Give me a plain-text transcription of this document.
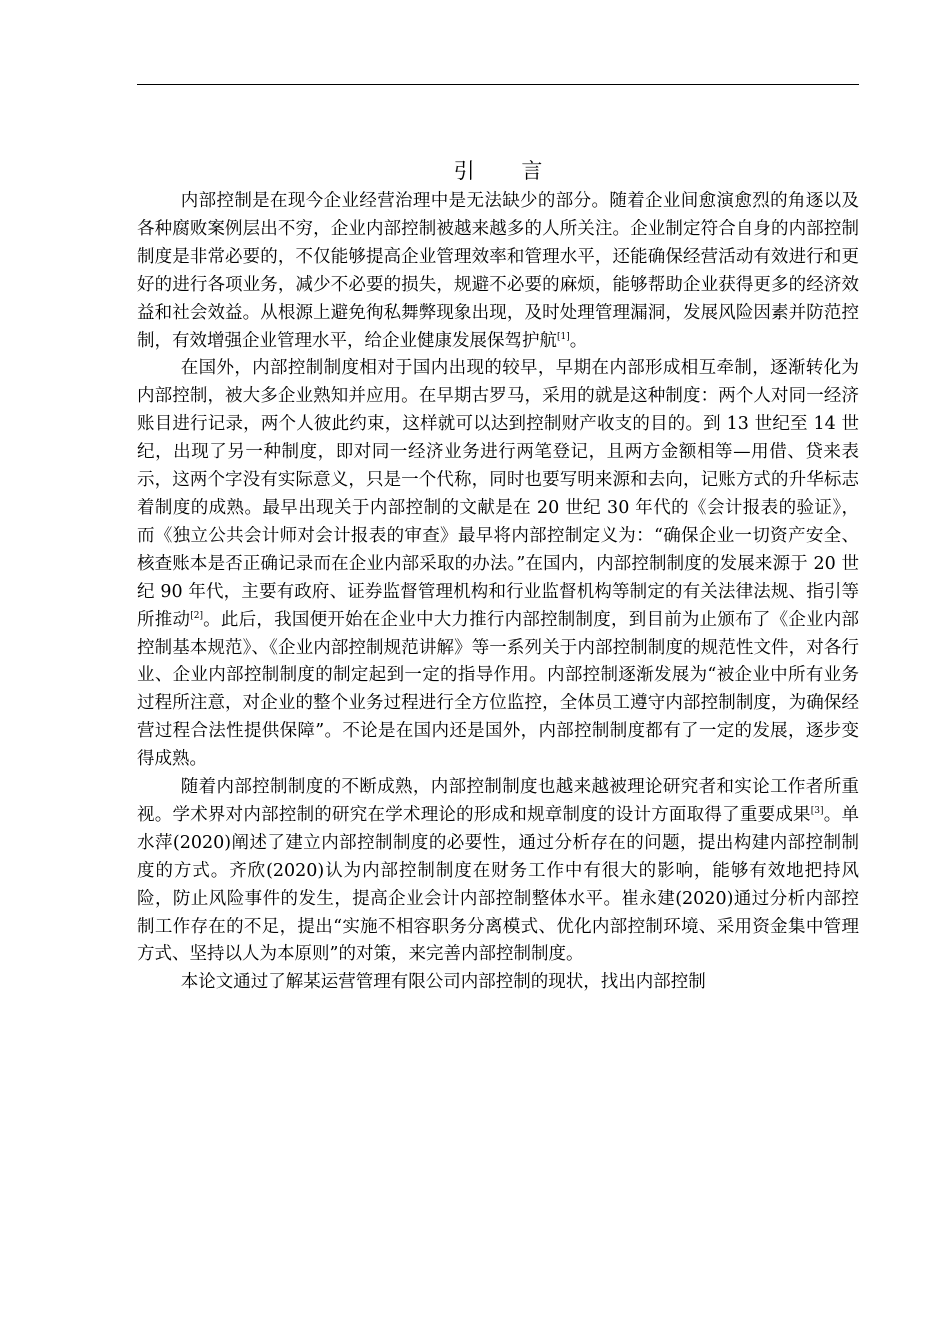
引 言

内部控制是在现今企业经营治理中是无法缺少的部分。随着企业间愈演愈烈的角逐以及各种腐败案例层出不穷，企业内部控制被越来越多的人所关注。企业制定符合自身的内部控制制度是非常必要的，不仅能够提高企业管理效率和管理水平，还能确保经营活动有效进行和更好的进行各项业务，减少不必要的损失，规避不必要的麻烦，能够帮助企业获得更多的经济效益和社会效益。从根源上避免徇私舞弊现象出现，及时处理管理漏洞，发展风险因素并防范控制，有效增强企业管理水平，给企业健康发展保驾护航[1]。

在国外，内部控制制度相对于国内出现的较早，早期在内部形成相互牵制，逐渐转化为内部控制，被大多企业熟知并应用。在早期古罗马，采用的就是这种制度：两个人对同一经济账目进行记录，两个人彼此约束，这样就可以达到控制财产收支的目的。到 13 世纪至 14 世纪，出现了另一种制度，即对同一经济业务进行两笔登记，且两方金额相等—用借、贷来表示，这两个字没有实际意义，只是一个代称，同时也要写明来源和去向，记账方式的升华标志着制度的成熟。最早出现关于内部控制的文献是在 20 世纪 30 年代的《会计报表的验证》，而《独立公共会计师对会计报表的审查》最早将内部控制定义为：“确保企业一切资产安全、核查账本是否正确记录而在企业内部采取的办法。”在国内，内部控制制度的发展来源于 20 世纪 90 年代，主要有政府、证券监督管理机构和行业监督机构等制定的有关法律法规、指引等所推动[2]。此后，我国便开始在企业中大力推行内部控制制度，到目前为止颁布了《企业内部控制基本规范》、《企业内部控制规范讲解》等一系列关于内部控制制度的规范性文件，对各行业、企业内部控制制度的制定起到一定的指导作用。内部控制逐渐发展为“被企业中所有业务过程所注意，对企业的整个业务过程进行全方位监控，全体员工遵守内部控制制度，为确保经营过程合法性提供保障”。不论是在国内还是国外，内部控制制度都有了一定的发展，逐步变得成熟。

随着内部控制制度的不断成熟，内部控制制度也越来越被理论研究者和实论工作者所重视。学术界对内部控制的研究在学术理论的形成和规章制度的设计方面取得了重要成果[3]。单水萍(2020)阐述了建立内部控制制度的必要性，通过分析存在的问题，提出构建内部控制制度的方式。齐欣(2020)认为内部控制制度在财务工作中有很大的影响，能够有效地把持风险，防止风险事件的发生，提高企业会计内部控制整体水平。崔永建(2020)通过分析内部控制工作存在的不足，提出“实施不相容职务分离模式、优化内部控制环境、采用资金集中管理方式、坚持以人为本原则”的对策，来完善内部控制制度。

本论文通过了解某运营管理有限公司内部控制的现状，找出内部控制
